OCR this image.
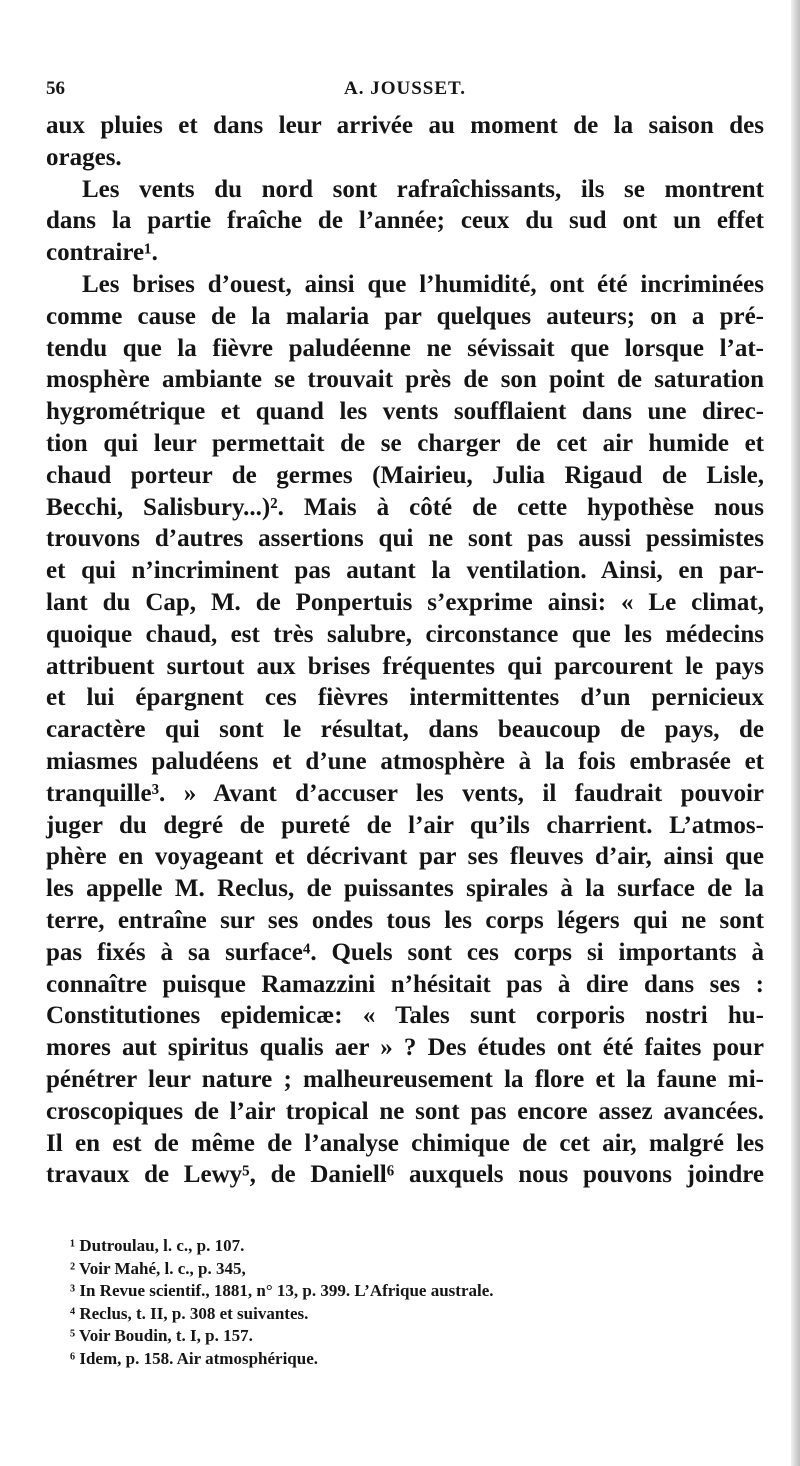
56	A. JOUSSET.
aux pluies et dans leur arrivée au moment de la saison des
orages.
Les vents du nord sont rafraîchissants, ils se montrent
dans la partie fraîche de l’année; ceux du sud ont un effet
contraire¹.
Les brises d’ouest, ainsi que l’humidité, ont été incriminées
comme cause de la malaria par quelques auteurs; on a pré-
tendu que la fièvre paludéenne ne sévissait que lorsque l’at-
mosphère ambiante se trouvait près de son point de saturation
hygrométrique et quand les vents soufflaient dans une direc-
tion qui leur permettait de se charger de cet air humide et
chaud porteur de germes (Mairieu, Julia Rigaud de Lisle,
Becchi, Salisbury...)². Mais à côté de cette hypothèse nous
trouvons d’autres assertions qui ne sont pas aussi pessimistes
et qui n’incriminent pas autant la ventilation. Ainsi, en par-
lant du Cap, M. de Ponpertuis s’exprime ainsi: « Le climat,
quoique chaud, est très salubre, circonstance que les médecins
attribuent surtout aux brises fréquentes qui parcourent le pays
et lui épargnent ces fièvres intermittentes d’un pernicieux
caractère qui sont le résultat, dans beaucoup de pays, de
miasmes paludéens et d’une atmosphère à la fois embrasée et
tranquille³. » Avant d’accuser les vents, il faudrait pouvoir
juger du degré de pureté de l’air qu’ils charrient. L’atmos-
phère en voyageant et décrivant par ses fleuves d’air, ainsi que
les appelle M. Reclus, de puissantes spirales à la surface de la
terre, entraîne sur ses ondes tous les corps légers qui ne sont
pas fixés à sa surface⁴. Quels sont ces corps si importants à
connaître puisque Ramazzini n’hésitait pas à dire dans ses :
Constitutiones epidemicæ: « Tales sunt corporis nostri hu-
mores aut spiritus qualis aer » ? Des études ont été faites pour
pénétrer leur nature ; malheureusement la flore et la faune mi-
croscopiques de l’air tropical ne sont pas encore assez avancées.
Il en est de même de l’analyse chimique de cet air, malgré les
travaux de Lewy⁵, de Daniell⁶ auxquels nous pouvons joindre
¹ Dutroulau, l. c., p. 107.
² Voir Mahé, l. c., p. 345,
³ In Revue scientif., 1881, n° 13, p. 399. L’Afrique australe.
⁴ Reclus, t. II, p. 308 et suivantes.
⁵ Voir Boudin, t. I, p. 157.
⁶ Idem, p. 158. Air atmosphérique.
